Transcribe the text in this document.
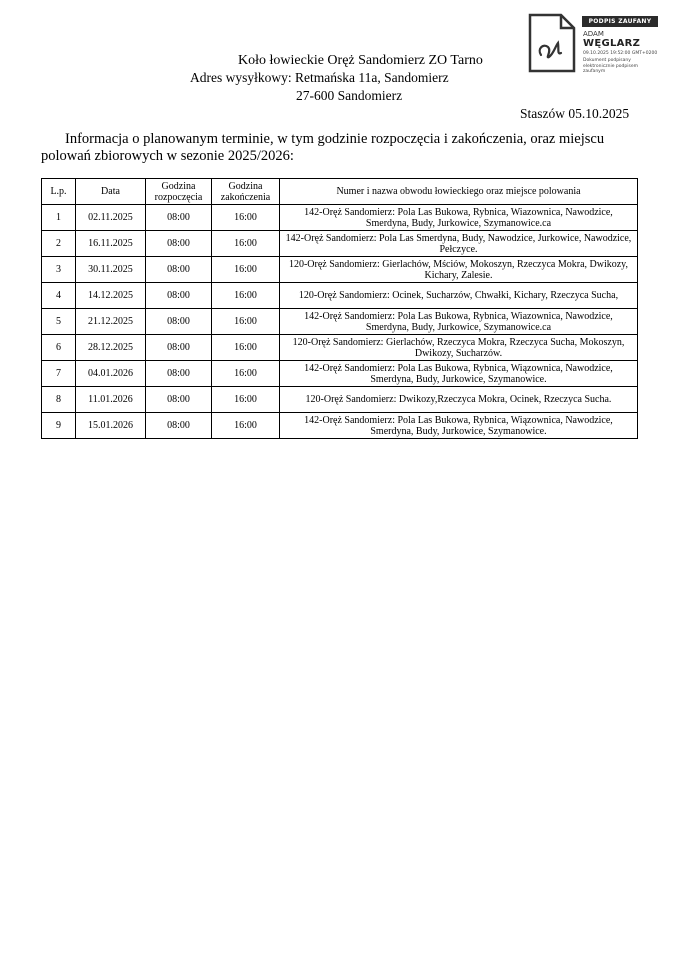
PODPIS ZAUFANY
ADAM
WĘGLARZ
09.10.2025 19:52:00 GMT+0200
Dokument podpisany elektronicznie podpisem zaufanym
Koło łowieckie Oręż Sandomierz ZO Tarno
Adres wysyłkowy: Retmańska 11a, Sandomierz
27-600 Sandomierz
Staszów 05.10.2025
Informacja o planowanym terminie, w tym godzinie rozpoczęcia i zakończenia, oraz miejscu polowań zbiorowych w sezonie 2025/2026:
L.p.	Data	Godzina rozpoczęcia	Godzina zakończenia	Numer i nazwa obwodu łowieckiego oraz miejsce polowania
1	02.11.2025	08:00	16:00	142-Oręż Sandomierz: Pola Las Bukowa, Rybnica, Wiazownica, Nawodzice, Smerdyna, Budy, Jurkowice, Szymanowice.ca
2	16.11.2025	08:00	16:00	142-Oręż Sandomierz: Pola Las Smerdyna, Budy, Nawodzice, Jurkowice, Nawodzice, Pełczyce.
3	30.11.2025	08:00	16:00	120-Oręż Sandomierz: Gierlachów, Mściów, Mokoszyn, Rzeczyca Mokra, Dwikozy, Kichary, Zalesie.
4	14.12.2025	08:00	16:00	120-Oręż Sandomierz: Ocinek, Sucharzów, Chwałki, Kichary, Rzeczyca Sucha,
5	21.12.2025	08:00	16:00	142-Oręż Sandomierz: Pola Las Bukowa, Rybnica, Wiazownica, Nawodzice, Smerdyna, Budy, Jurkowice, Szymanowice.ca
6	28.12.2025	08:00	16:00	120-Oręż Sandomierz: Gierlachów, Rzeczyca Mokra, Rzeczyca Sucha, Mokoszyn, Dwikozy, Sucharzów.
7	04.01.2026	08:00	16:00	142-Oręż Sandomierz: Pola Las Bukowa, Rybnica, Wiązownica, Nawodzice, Smerdyna, Budy, Jurkowice, Szymanowice.
8	11.01.2026	08:00	16:00	120-Oręż Sandomierz: Dwikozy,Rzeczyca Mokra, Ocinek, Rzeczyca Sucha.
9	15.01.2026	08:00	16:00	142-Oręż Sandomierz: Pola Las Bukowa, Rybnica, Wiązownica, Nawodzice, Smerdyna, Budy, Jurkowice, Szymanowice.
